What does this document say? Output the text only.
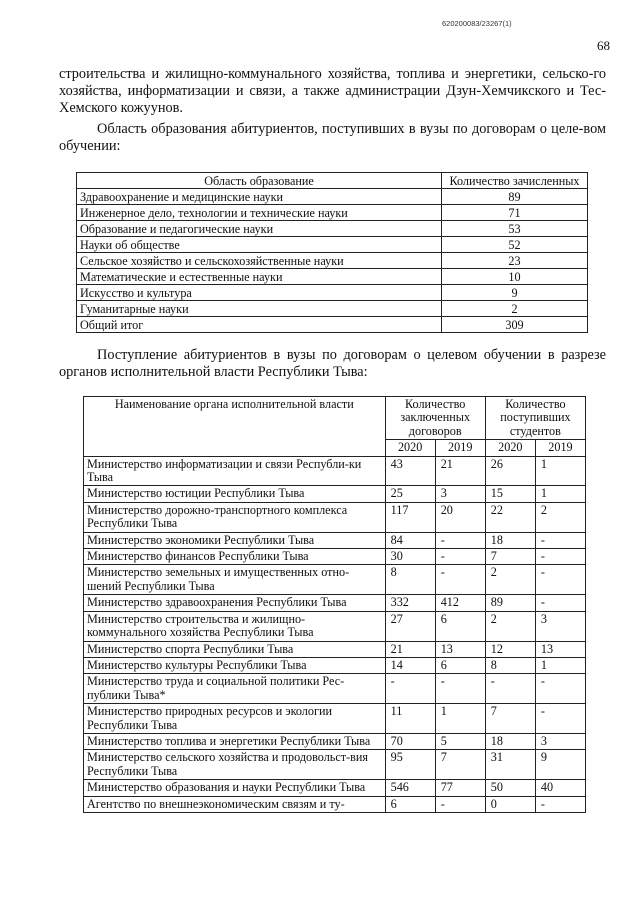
620200083/23267(1)
68
строительства и жилищно-коммунального хозяйства, топлива и энергетики, сельско-го хозяйства, информатизации и связи, а также администрации Дзун-Хемчикского и Тес-Хемского кожуунов.
Область образования абитуриентов, поступивших в вузы по договорам о целе-вом обучении:
Область образование	Количество зачисленных
Здравоохранение и медицинские науки	89
Инженерное дело, технологии и технические науки	71
Образование и педагогические науки	53
Науки об обществе	52
Сельское хозяйство и сельскохозяйственные науки	23
Математические и естественные науки	10
Искусство и культура	9
Гуманитарные науки	2
Общий итог	309
Поступление абитуриентов в вузы по договорам о целевом обучении в разрезе органов исполнительной власти Республики Тыва:
Наименование органа исполнительной власти	Количество заключенных договоров		Количество поступивших студентов	
	2020	2019	2020	2019
Министерство информатизации и связи Республи-ки Тыва	43	21	26	1
Министерство юстиции Республики Тыва	25	3	15	1
Министерство дорожно-транспортного комплекса Республики Тыва	117	20	22	2
Министерство экономики Республики Тыва	84	-	18	-
Министерство финансов Республики Тыва	30	-	7	-
Министерство земельных и имущественных отно-шений Республики Тыва	8	-	2	-
Министерство здравоохранения Республики Тыва	332	412	89	-
Министерство строительства и жилищно-коммунального хозяйства Республики Тыва	27	6	2	3
Министерство спорта Республики Тыва	21	13	12	13
Министерство культуры Республики Тыва	14	6	8	1
Министерство труда и социальной политики Рес-публики Тыва*	-	-	-	-
Министерство природных ресурсов и экологии Республики Тыва	11	1	7	-
Министерство топлива и энергетики Республики Тыва	70	5	18	3
Министерство сельского хозяйства и продовольст-вия Республики Тыва	95	7	31	9
Министерство образования и науки Республики Тыва	546	77	50	40
Агентство по внешнеэкономическим связям и ту-	6	-	0	-
